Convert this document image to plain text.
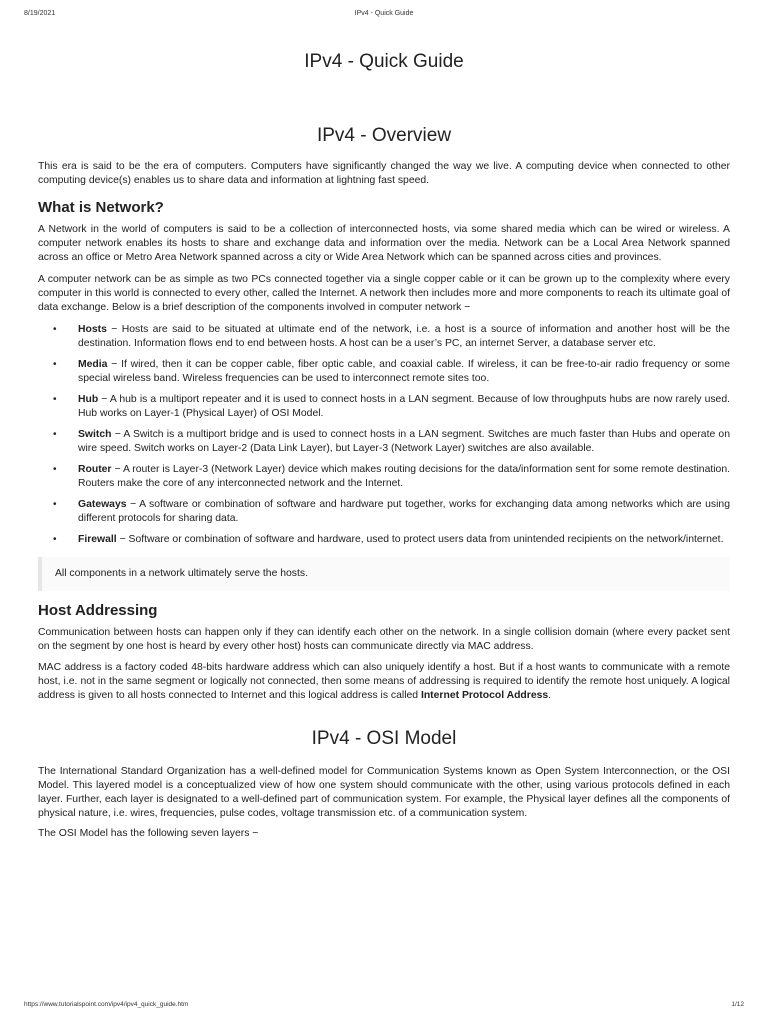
8/19/2021	IPv4 - Quick Guide
IPv4 - Quick Guide
IPv4 - Overview

This era is said to be the era of computers. Computers have significantly changed the way we live. A computing device when connected to other computing device(s) enables us to share data and information at lightning fast speed.

What is Network?

A Network in the world of computers is said to be a collection of interconnected hosts, via some shared media which can be wired or wireless. A computer network enables its hosts to share and exchange data and information over the media. Network can be a Local Area Network spanned across an office or Metro Area Network spanned across a city or Wide Area Network which can be spanned across cities and provinces.

A computer network can be as simple as two PCs connected together via a single copper cable or it can be grown up to the complexity where every computer in this world is connected to every other, called the Internet. A network then includes more and more components to reach its ultimate goal of data exchange. Below is a brief description of the components involved in computer network −

• Hosts − Hosts are said to be situated at ultimate end of the network, i.e. a host is a source of information and another host will be the destination. Information flows end to end between hosts. A host can be a user’s PC, an internet Server, a database server etc.
• Media − If wired, then it can be copper cable, fiber optic cable, and coaxial cable. If wireless, it can be free-to-air radio frequency or some special wireless band. Wireless frequencies can be used to interconnect remote sites too.
• Hub − A hub is a multiport repeater and it is used to connect hosts in a LAN segment. Because of low throughputs hubs are now rarely used. Hub works on Layer-1 (Physical Layer) of OSI Model.
• Switch − A Switch is a multiport bridge and is used to connect hosts in a LAN segment. Switches are much faster than Hubs and operate on wire speed. Switch works on Layer-2 (Data Link Layer), but Layer-3 (Network Layer) switches are also available.
• Router − A router is Layer-3 (Network Layer) device which makes routing decisions for the data/information sent for some remote destination. Routers make the core of any interconnected network and the Internet.
• Gateways − A software or combination of software and hardware put together, works for exchanging data among networks which are using different protocols for sharing data.
• Firewall − Software or combination of software and hardware, used to protect users data from unintended recipients on the network/internet.
All components in a network ultimately serve the hosts.
Host Addressing

Communication between hosts can happen only if they can identify each other on the network. In a single collision domain (where every packet sent on the segment by one host is heard by every other host) hosts can communicate directly via MAC address.

MAC address is a factory coded 48-bits hardware address which can also uniquely identify a host. But if a host wants to communicate with a remote host, i.e. not in the same segment or logically not connected, then some means of addressing is required to identify the remote host uniquely. A logical address is given to all hosts connected to Internet and this logical address is called Internet Protocol Address.

IPv4 - OSI Model

The International Standard Organization has a well-defined model for Communication Systems known as Open System Interconnection, or the OSI Model. This layered model is a conceptualized view of how one system should communicate with the other, using various protocols defined in each layer. Further, each layer is designated to a well-defined part of communication system. For example, the Physical layer defines all the components of physical nature, i.e. wires, frequencies, pulse codes, voltage transmission etc. of a communication system.

The OSI Model has the following seven layers −

https://www.tutorialspoint.com/ipv4/ipv4_quick_guide.htm	1/12
